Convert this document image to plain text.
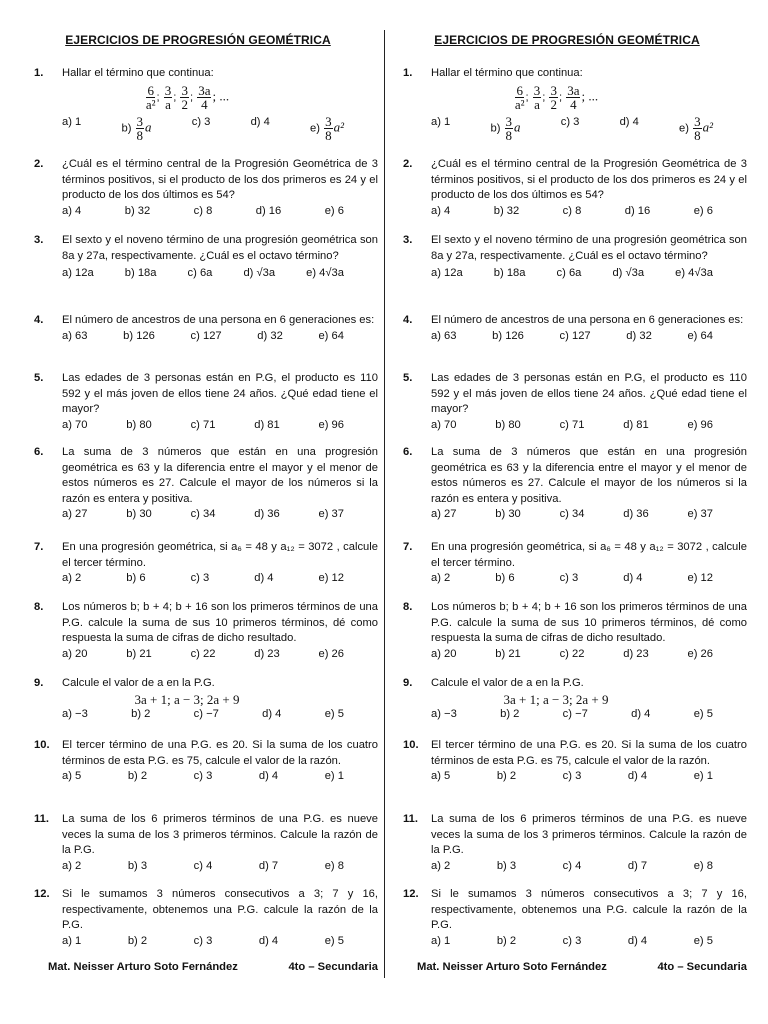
EJERCICIOS DE PROGRESIÓN GEOMÉTRICA
1. Hallar el término que continua:
$\frac{6}{\text{a²}}$ ; $\frac{3}{a}$ ; $\frac{3}{2}$ ; $\frac{3a}{4}$ ; ...
a) 1
$b) \frac{3}{8}$ a	c) 3	d) 4
$e) \frac{3}{8} a^2$
2. ¿Cuál es el término central de la Progresión Geométrica de 3 términos positivos, si el producto de los dos primeros es 24 y el producto de los dos últimos es 54?
a) 4	b) 32	c) 8	d) 16	e) 6
3. El sexto y el noveno término de una progresión geométrica son 8a y 27a, respectivamente. ¿Cuál es el octavo término?
a) 12a	b) 18a	c) 6a	d) √3a	e) 4√3a
4. El número de ancestros de una persona en 6 generaciones es:
a) 63	b) 126	c) 127	d) 32	e) 64
5. Las edades de 3 personas están en P.G, el producto es 110 592 y el más joven de ellos tiene 24 años. ¿Qué edad tiene el mayor?
a) 70	b) 80	c) 71	d) 81	e) 96
6. La suma de 3 números que están en una progresión geométrica es 63 y la diferencia entre el mayor y el menor de estos números es 27. Calcule el mayor de los números si la razón es entera y positiva.
a) 27	b) 30	c) 34	d) 36	e) 37
7. En una progresión geométrica, si a₆ = 48 y a₁₂ = 3072 , calcule el tercer término.
a) 2	b) 6	c) 3	d) 4	e) 12
8. Los números b; b + 4; b + 16 son los primeros términos de una P.G. calcule la suma de sus 10 primeros términos, dé como respuesta la suma de cifras de dicho resultado.
a) 20	b) 21	c) 22	d) 23	e) 26
9. Calcule el valor de a en la P.G.
3a + 1; a − 3; 2a + 9
a) −3	b) 2	c) −7	d) 4	e) 5
10. El tercer término de una P.G. es 20. Si la suma de los cuatro términos de esta P.G. es 75, calcule el valor de la razón.
a) 5	b) 2	c) 3	d) 4	e) 1
11. La suma de los 6 primeros términos de una P.G. es nueve veces la suma de los 3 primeros términos. Calcule la razón de la P.G.
a) 2	b) 3	c) 4	d) 7	e) 8
12. Si le sumamos 3 números consecutivos a 3; 7 y 16, respectivamente, obtenemos una P.G. calcule la razón de la P.G.
a) 1	b) 2	c) 3	d) 4	e) 5
Mat. Neisser Arturo Soto Fernández	4to – Secundaria
EJERCICIOS DE PROGRESIÓN GEOMÉTRICA
1. Hallar el término que continua:
$\frac{6}{\text{a²}}$ ; $\frac{3}{a}$ ; $\frac{3}{2}$ ; $\frac{3a}{4}$ ; ...
a) 1
$b) \frac{3}{8}$ a	c) 3	d) 4
$e) \frac{3}{8} a^2$
2. ¿Cuál es el término central de la Progresión Geométrica de 3 términos positivos, si el producto de los dos primeros es 24 y el producto de los dos últimos es 54?
a) 4	b) 32	c) 8	d) 16	e) 6
3. El sexto y el noveno término de una progresión geométrica son 8a y 27a, respectivamente. ¿Cuál es el octavo término?
a) 12a	b) 18a	c) 6a	d) √3a	e) 4√3a
4. El número de ancestros de una persona en 6 generaciones es:
a) 63	b) 126	c) 127	d) 32	e) 64
5. Las edades de 3 personas están en P.G, el producto es 110 592 y el más joven de ellos tiene 24 años. ¿Qué edad tiene el mayor?
a) 70	b) 80	c) 71	d) 81	e) 96
6. La suma de 3 números que están en una progresión geométrica es 63 y la diferencia entre el mayor y el menor de estos números es 27. Calcule el mayor de los números si la razón es entera y positiva.
a) 27	b) 30	c) 34	d) 36	e) 37
7. En una progresión geométrica, si a₆ = 48 y a₁₂ = 3072 , calcule el tercer término.
a) 2	b) 6	c) 3	d) 4	e) 12
8. Los números b; b + 4; b + 16 son los primeros términos de una P.G. calcule la suma de sus 10 primeros términos, dé como respuesta la suma de cifras de dicho resultado.
a) 20	b) 21	c) 22	d) 23	e) 26
9. Calcule el valor de a en la P.G.
3a + 1; a − 3; 2a + 9
a) −3	b) 2	c) −7	d) 4	e) 5
10. El tercer término de una P.G. es 20. Si la suma de los cuatro términos de esta P.G. es 75, calcule el valor de la razón.
a) 5	b) 2	c) 3	d) 4	e) 1
11. La suma de los 6 primeros términos de una P.G. es nueve veces la suma de los 3 primeros términos. Calcule la razón de la P.G.
a) 2	b) 3	c) 4	d) 7	e) 8
12. Si le sumamos 3 números consecutivos a 3; 7 y 16, respectivamente, obtenemos una P.G. calcule la razón de la P.G.
a) 1	b) 2	c) 3	d) 4	e) 5
Mat. Neisser Arturo Soto Fernández	4to – Secundaria
